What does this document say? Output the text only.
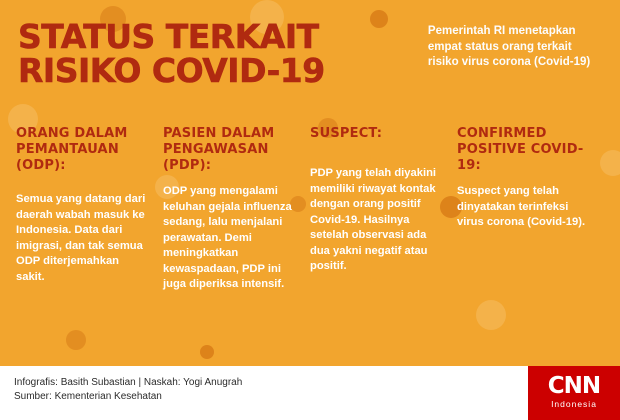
STATUS TERKAIT
RISIKO COVID-19
Pemerintah RI menetapkan empat status orang terkait risiko virus corona (Covid-19)
ORANG DALAM PEMANTAUAN (ODP):

Semua yang datang dari daerah wabah masuk ke Indonesia. Data dari imigrasi, dan tak semua ODP diterjemahkan sakit.

PASIEN DALAM PENGAWASAN (PDP):

ODP yang mengalami keluhan gejala influenza sedang, lalu menjalani perawatan. Demi meningkatkan kewaspadaan, PDP ini juga diperiksa intensif.

SUSPECT:

PDP yang telah diyakini memiliki riwayat kontak dengan orang positif Covid-19. Hasilnya setelah observasi ada dua yakni negatif atau positif.

CONFIRMED POSITIVE COVID-19:

Suspect yang telah dinyatakan terinfeksi virus corona (Covid-19).

Infografis: Basith Subastian | Naskah: Yogi Anugrah
Sumber: Kementerian Kesehatan	CNN
Indonesia
